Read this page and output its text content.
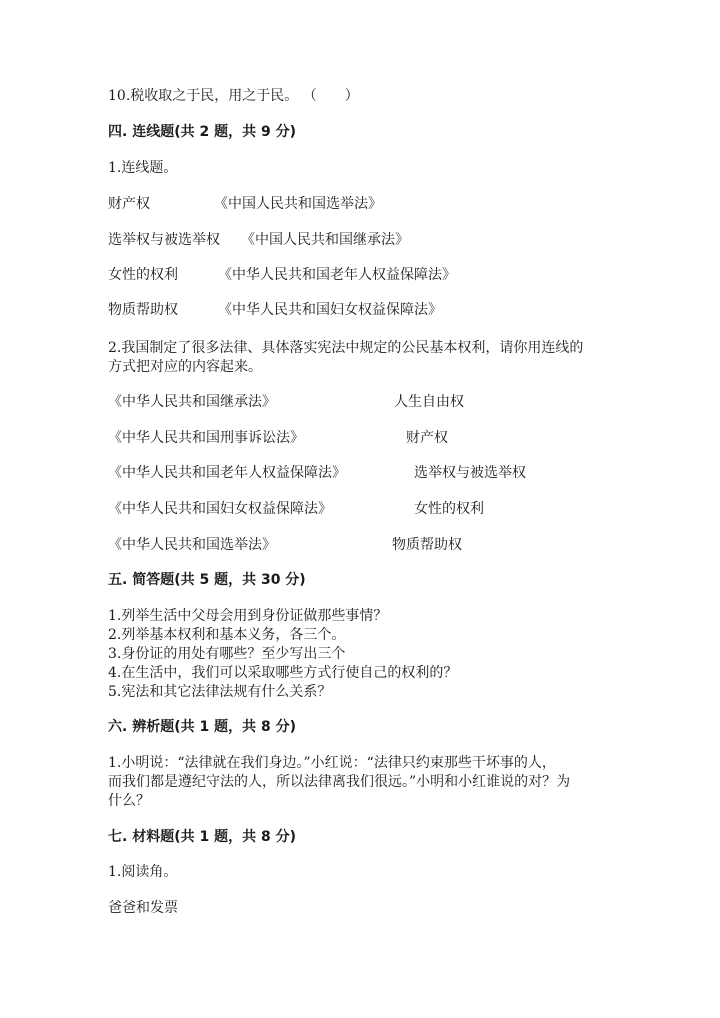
10.税收取之于民，用之于民。 （　　）
四. 连线题(共 2 题，共 9 分)
1.连线题。
财产权	《中国人民共和国选举法》
选举权与被选举权 《中国人民共和国继承法》
女性的权利	《中华人民共和国老年人权益保障法》
物质帮助权	《中华人民共和国妇女权益保障法》
2.我国制定了很多法律、具体落实宪法中规定的公民基本权利，请你用连线的
方式把对应的内容起来。
《中华人民共和国继承法》	人生自由权
《中华人民共和国刑事诉讼法》	财产权
《中华人民共和国老年人权益保障法》	选举权与被选举权
《中华人民共和国妇女权益保障法》	女性的权利
《中华人民共和国选举法》	物质帮助权
五. 简答题(共 5 题，共 30 分)
1.列举生活中父母会用到身份证做那些事情？
2.列举基本权利和基本义务，各三个。
3.身份证的用处有哪些？至少写出三个
4.在生活中，我们可以采取哪些方式行使自己的权利的？
5.宪法和其它法律法规有什么关系？
六. 辨析题(共 1 题，共 8 分)
1.小明说：“法律就在我们身边。”小红说：“法律只约束那些干坏事的人，
而我们都是遵纪守法的人，所以法律离我们很远。”小明和小红谁说的对？为
什么？
七. 材料题(共 1 题，共 8 分)
1.阅读角。
爸爸和发票
